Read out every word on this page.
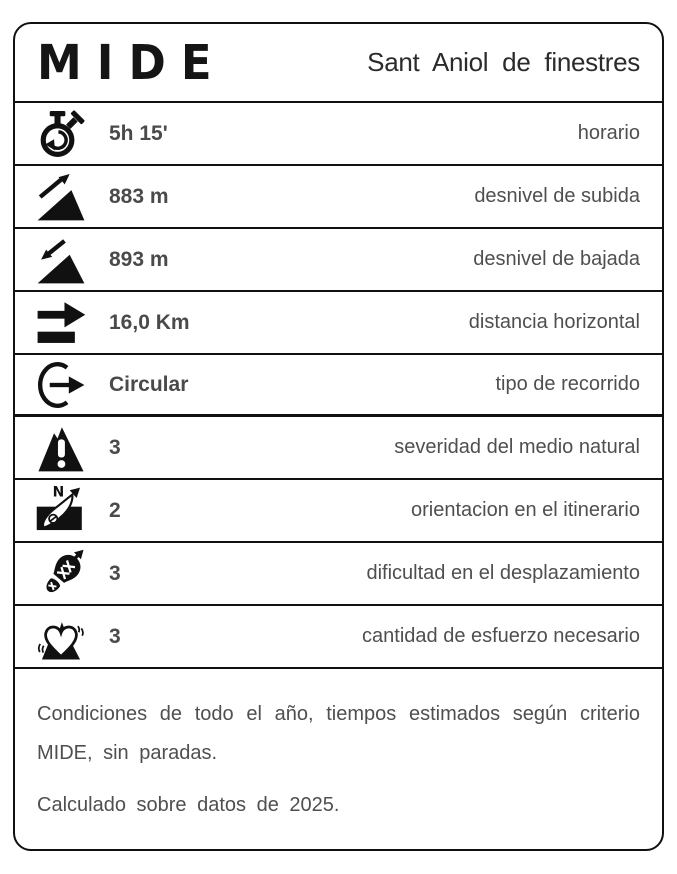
MIDE	Sant Aniol de finestres
5h 15'	horario
883 m	desnivel de subida
893 m	desnivel de bajada
16,0 Km	distancia horizontal
Circular	tipo de recorrido
3	severidad del medio natural
N
2	orientacion en el itinerario
3	dificultad en el desplazamiento
3	cantidad de esfuerzo necesario

Condiciones de todo el año, tiempos estimados según criterio MIDE, sin paradas.

Calculado sobre datos de 2025.
